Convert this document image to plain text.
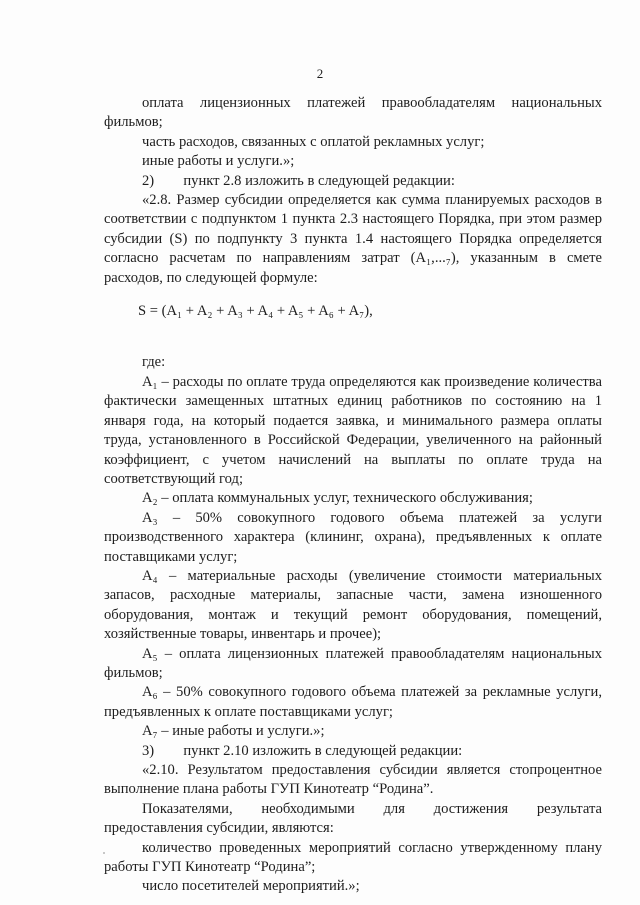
2

оплата лицензионных платежей правообладателям национальных фильмов;

часть расходов, связанных с оплатой рекламных услуг;

иные работы и услуги.»;

2)  пункт 2.8 изложить в следующей редакции:

«2.8. Размер субсидии определяется как сумма планируемых расходов в соответствии с подпунктом 1 пункта 2.3 настоящего Порядка, при этом размер субсидии (S) по подпункту 3 пункта 1.4 настоящего Порядка определяется согласно расчетам по направлениям затрат (A₁,...₇), указанным в смете расходов, по следующей формуле:

S = (A₁ + A₂ + A₃ + A₄ + A₅ + A₆ + A₇),

где:

A₁ – расходы по оплате труда определяются как произведение количества фактически замещенных штатных единиц работников по состоянию на 1 января года, на который подается заявка, и минимального размера оплаты труда, установленного в Российской Федерации, увеличенного на районный коэффициент, с учетом начислений на выплаты по оплате труда на соответствующий год;

A₂ – оплата коммунальных услуг, технического обслуживания;

A₃ – 50% совокупного годового объема платежей за услуги производственного характера (клининг, охрана), предъявленных к оплате поставщиками услуг;

A₄ – материальные расходы (увеличение стоимости материальных запасов, расходные материалы, запасные части, замена изношенного оборудования, монтаж и текущий ремонт оборудования, помещений, хозяйственные товары, инвентарь и прочее);

A₅ – оплата лицензионных платежей правообладателям национальных фильмов;

A₆ – 50% совокупного годового объема платежей за рекламные услуги, предъявленных к оплате поставщиками услуг;

A₇ – иные работы и услуги.»;

3)  пункт 2.10 изложить в следующей редакции:

«2.10. Результатом предоставления субсидии является стопроцентное выполнение плана работы ГУП Кинотеатр “Родина”.

Показателями, необходимыми для достижения результата предоставления субсидии, являются:

количество проведенных мероприятий согласно утвержденному плану работы ГУП Кинотеатр “Родина”;

число посетителей мероприятий.»;
